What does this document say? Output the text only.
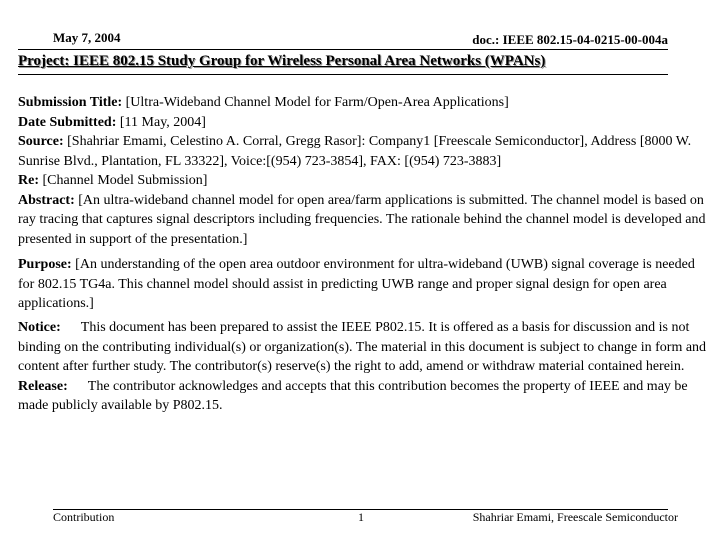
May 7, 2004	doc.: IEEE 802.15-04-0215-00-004a
Project: IEEE 802.15 Study Group for Wireless Personal Area Networks (WPANs)

Submission Title: [Ultra-Wideband Channel Model for Farm/Open-Area Applications]

Date Submitted: [11 May, 2004]

Source: [Shahriar Emami, Celestino A. Corral, Gregg Rasor]: Company1 [Freescale Semiconductor], Address [8000 W. Sunrise Blvd., Plantation, FL 33322], Voice:[(954) 723-3854], FAX: [(954) 723-3883]

Re: [Channel Model Submission]

Abstract: [An ultra-wideband channel model for open area/farm applications is submitted. The channel model is based on ray tracing that captures signal descriptors including frequencies. The rationale behind the channel model is developed and presented in support of the presentation.]

Purpose: [An understanding of the open area outdoor environment for ultra-wideband (UWB) signal coverage is needed for 802.15 TG4a. This channel model should assist in predicting UWB range and proper signal design for open area applications.]

Notice: This document has been prepared to assist the IEEE P802.15. It is offered as a basis for discussion and is not binding on the contributing individual(s) or organization(s). The material in this document is subject to change in form and content after further study. The contributor(s) reserve(s) the right to add, amend or withdraw material contained herein.

Release: The contributor acknowledges and accepts that this contribution becomes the property of IEEE and may be made publicly available by P802.15.

Contribution	1	Shahriar Emami, Freescale Semiconductor
